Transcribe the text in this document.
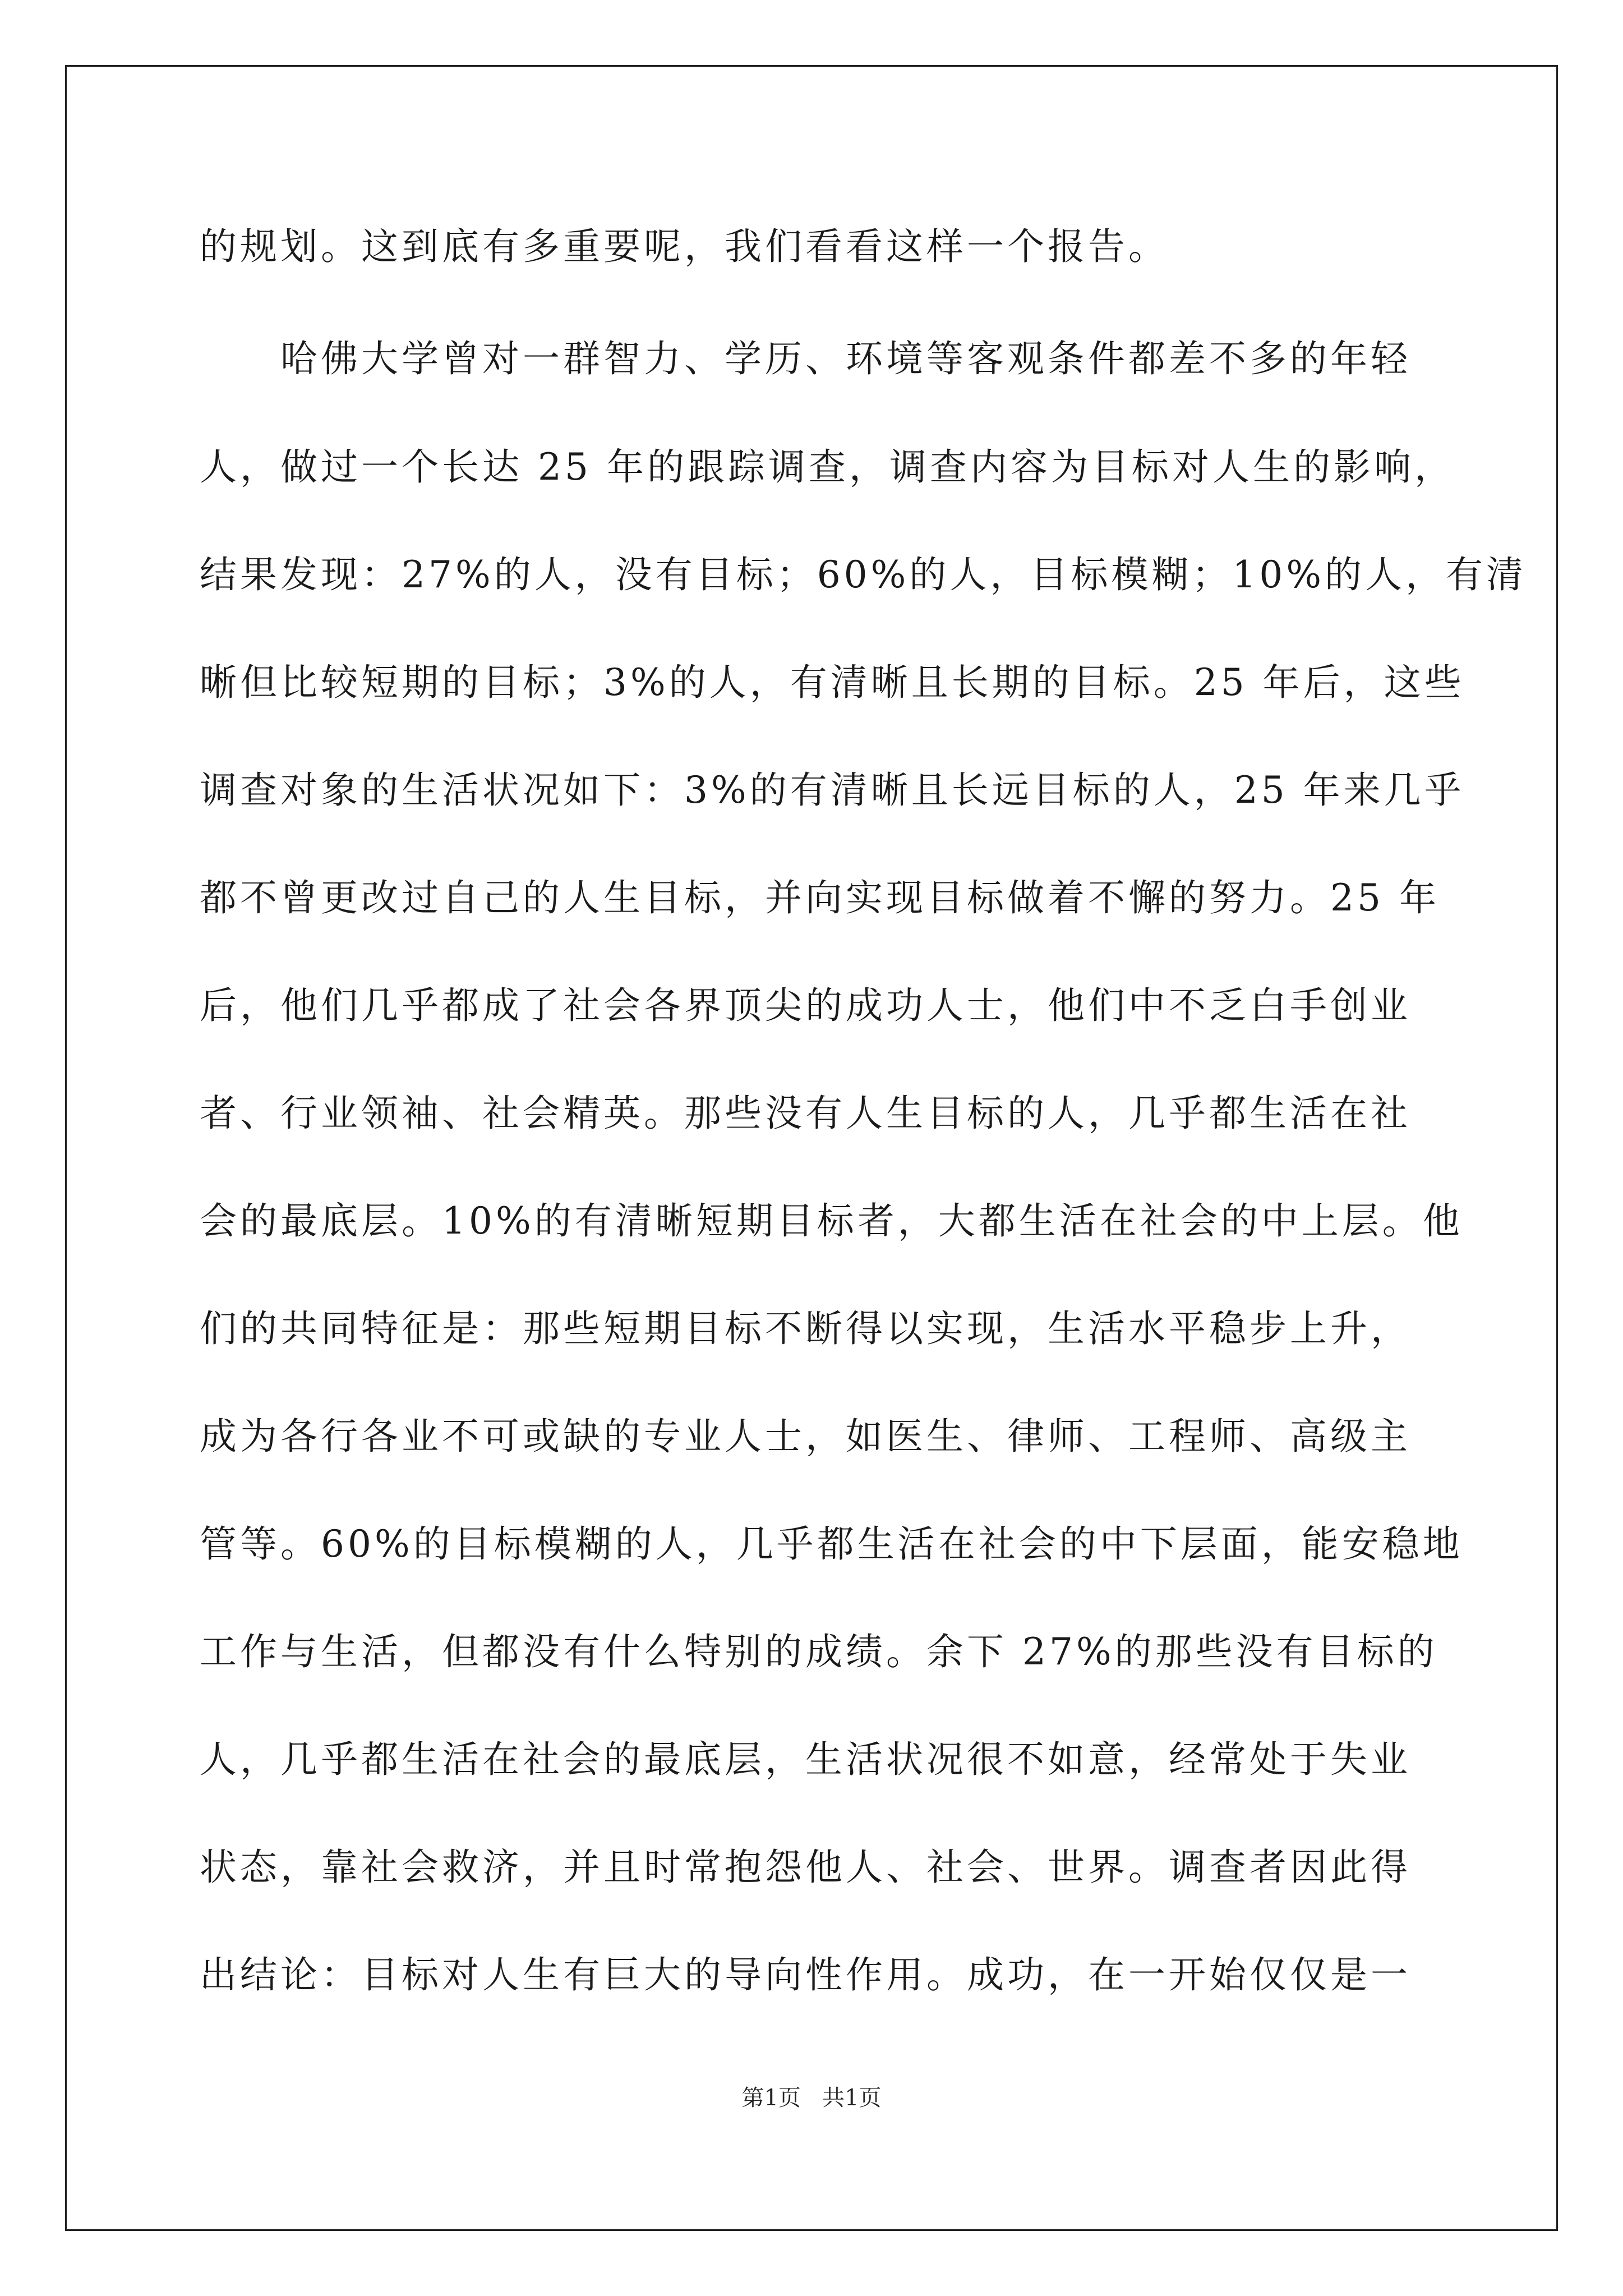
的规划。这到底有多重要呢，我们看看这样一个报告。
　　哈佛大学曾对一群智力、学历、环境等客观条件都差不多的年轻
人，做过一个长达 25 年的跟踪调查，调查内容为目标对人生的影响，
结果发现：27%的人，没有目标；60%的人，目标模糊；10%的人，有清
晰但比较短期的目标；3%的人，有清晰且长期的目标。25 年后，这些
调查对象的生活状况如下：3%的有清晰且长远目标的人，25 年来几乎
都不曾更改过自己的人生目标，并向实现目标做着不懈的努力。25 年
后，他们几乎都成了社会各界顶尖的成功人士，他们中不乏白手创业
者、行业领袖、社会精英。那些没有人生目标的人，几乎都生活在社
会的最底层。10%的有清晰短期目标者，大都生活在社会的中上层。他
们的共同特征是：那些短期目标不断得以实现，生活水平稳步上升，
成为各行各业不可或缺的专业人士，如医生、律师、工程师、高级主
管等。60%的目标模糊的人，几乎都生活在社会的中下层面，能安稳地
工作与生活，但都没有什么特别的成绩。余下 27%的那些没有目标的
人，几乎都生活在社会的最底层，生活状况很不如意，经常处于失业
状态，靠社会救济，并且时常抱怨他人、社会、世界。调查者因此得
出结论：目标对人生有巨大的导向性作用。成功，在一开始仅仅是一
第1页   共1页
